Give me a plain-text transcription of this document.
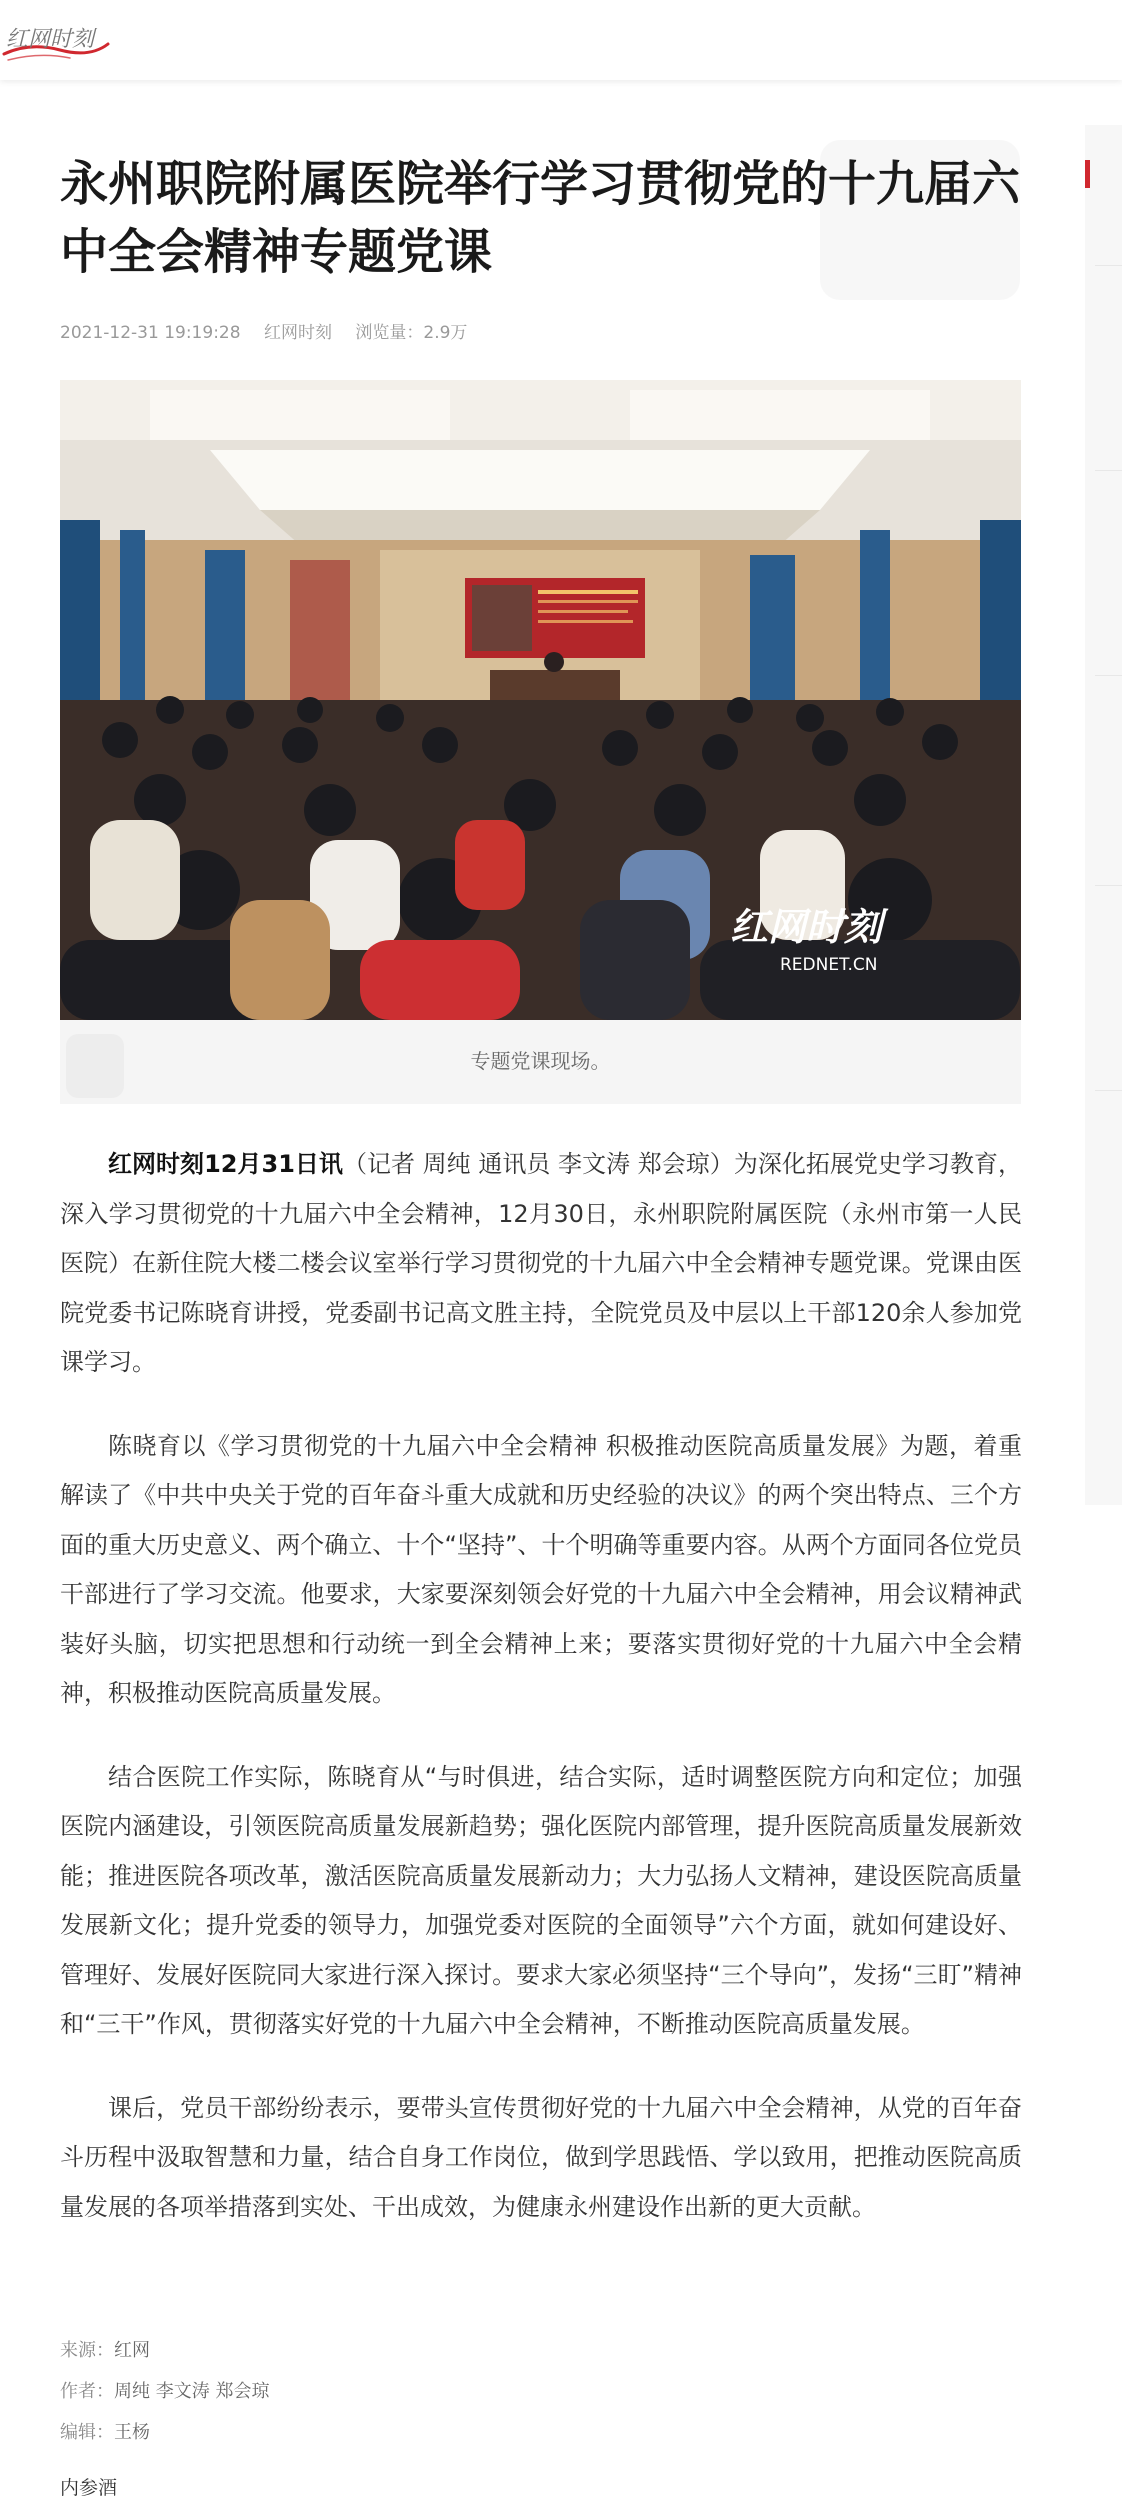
红网时刻
永州职院附属医院举行学习贯彻党的十九届六中全会精神专题党课
2021-12-31 19:19:28 红网时刻 浏览量：2.9万
红网时刻
REDNET.CN
专题党课现场。

红网时刻12月31日讯（记者 周纯 通讯员 李文涛 郑会琼）为深化拓展党史学习教育，深入学习贯彻党的十九届六中全会精神，12月30日，永州职院附属医院（永州市第一人民医院）在新住院大楼二楼会议室举行学习贯彻党的十九届六中全会精神专题党课。党课由医院党委书记陈晓育讲授，党委副书记高文胜主持，全院党员及中层以上干部120余人参加党课学习。

陈晓育以《学习贯彻党的十九届六中全会精神 积极推动医院高质量发展》为题，着重解读了《中共中央关于党的百年奋斗重大成就和历史经验的决议》的两个突出特点、三个方面的重大历史意义、两个确立、十个“坚持”、十个明确等重要内容。从两个方面同各位党员干部进行了学习交流。他要求，大家要深刻领会好党的十九届六中全会精神，用会议精神武装好头脑，切实把思想和行动统一到全会精神上来；要落实贯彻好党的十九届六中全会精神，积极推动医院高质量发展。

结合医院工作实际，陈晓育从“与时俱进，结合实际，适时调整医院方向和定位；加强医院内涵建设，引领医院高质量发展新趋势；强化医院内部管理，提升医院高质量发展新效能；推进医院各项改革，激活医院高质量发展新动力；大力弘扬人文精神，建设医院高质量发展新文化；提升党委的领导力，加强党委对医院的全面领导”六个方面，就如何建设好、管理好、发展好医院同大家进行深入探讨。要求大家必须坚持“三个导向”，发扬“三盯”精神和“三干”作风，贯彻落实好党的十九届六中全会精神，不断推动医院高质量发展。

课后，党员干部纷纷表示，要带头宣传贯彻好党的十九届六中全会精神，从党的百年奋斗历程中汲取智慧和力量，结合自身工作岗位，做到学思践悟、学以致用，把推动医院高质量发展的各项举措落到实处、干出成效，为健康永州建设作出新的更大贡献。

来源：红网
作者：周纯 李文涛 郑会琼
编辑：王杨
内参酒
